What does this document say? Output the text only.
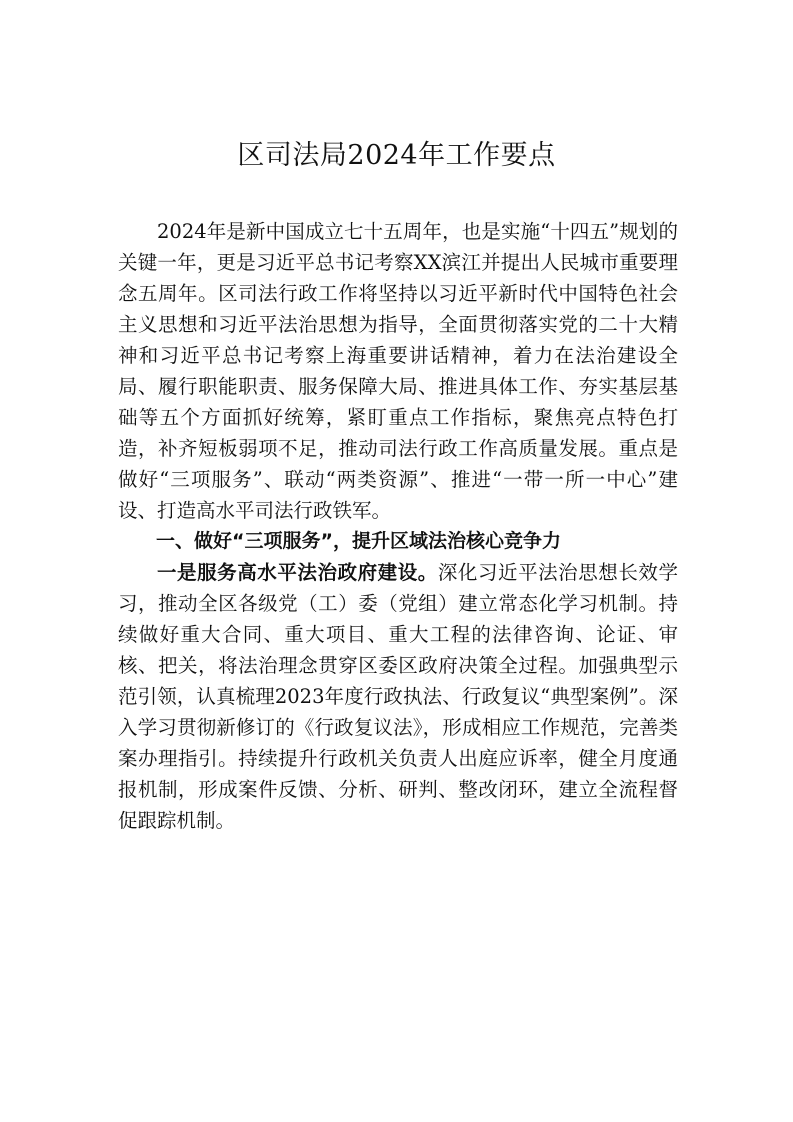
区司法局2024年工作要点

2024年是新中国成立七十五周年，也是实施“十四五”规划的关键一年，更是习近平总书记考察XX滨江并提出人民城市重要理念五周年。区司法行政工作将坚持以习近平新时代中国特色社会主义思想和习近平法治思想为指导，全面贯彻落实党的二十大精神和习近平总书记考察上海重要讲话精神，着力在法治建设全局、履行职能职责、服务保障大局、推进具体工作、夯实基层基础等五个方面抓好统筹，紧盯重点工作指标，聚焦亮点特色打造，补齐短板弱项不足，推动司法行政工作高质量发展。重点是做好“三项服务”、联动“两类资源”、推进“一带一所一中心”建设、打造高水平司法行政铁军。

一、做好“三项服务”，提升区域法治核心竞争力

一是服务高水平法治政府建设。深化习近平法治思想长效学习，推动全区各级党（工）委（党组）建立常态化学习机制。持续做好重大合同、重大项目、重大工程的法律咨询、论证、审核、把关，将法治理念贯穿区委区政府决策全过程。加强典型示范引领，认真梳理2023年度行政执法、行政复议“典型案例”。深入学习贯彻新修订的《行政复议法》，形成相应工作规范，完善类案办理指引。持续提升行政机关负责人出庭应诉率，健全月度通报机制，形成案件反馈、分析、研判、整改闭环，建立全流程督促跟踪机制。
